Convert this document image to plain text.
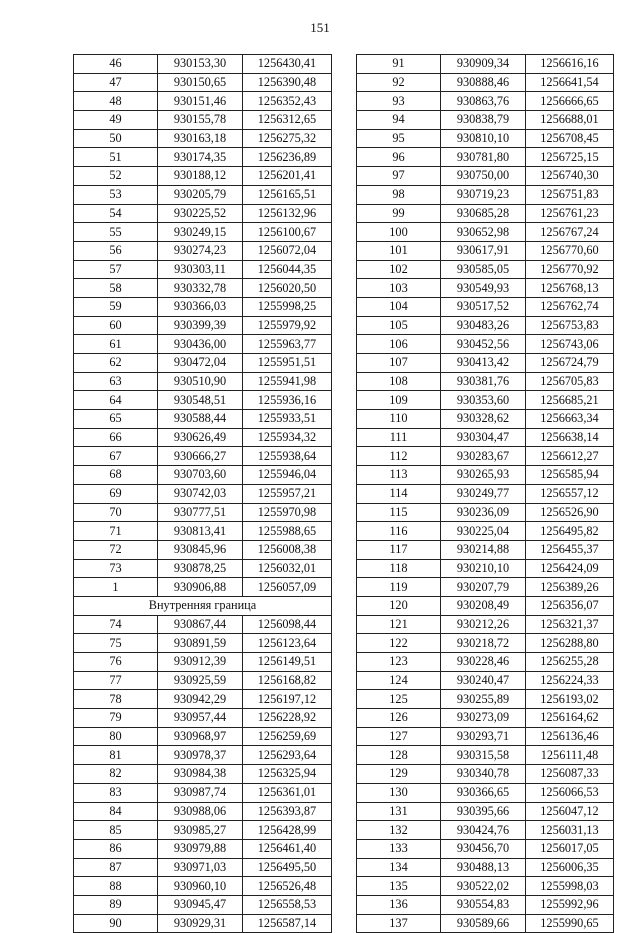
151
46	930153,30	1256430,41
47	930150,65	1256390,48
48	930151,46	1256352,43
49	930155,78	1256312,65
50	930163,18	1256275,32
51	930174,35	1256236,89
52	930188,12	1256201,41
53	930205,79	1256165,51
54	930225,52	1256132,96
55	930249,15	1256100,67
56	930274,23	1256072,04
57	930303,11	1256044,35
58	930332,78	1256020,50
59	930366,03	1255998,25
60	930399,39	1255979,92
61	930436,00	1255963,77
62	930472,04	1255951,51
63	930510,90	1255941,98
64	930548,51	1255936,16
65	930588,44	1255933,51
66	930626,49	1255934,32
67	930666,27	1255938,64
68	930703,60	1255946,04
69	930742,03	1255957,21
70	930777,51	1255970,98
71	930813,41	1255988,65
72	930845,96	1256008,38
73	930878,25	1256032,01
1	930906,88	1256057,09
Внутренняя граница		
74	930867,44	1256098,44
75	930891,59	1256123,64
76	930912,39	1256149,51
77	930925,59	1256168,82
78	930942,29	1256197,12
79	930957,44	1256228,92
80	930968,97	1256259,69
81	930978,37	1256293,64
82	930984,38	1256325,94
83	930987,74	1256361,01
84	930988,06	1256393,87
85	930985,27	1256428,99
86	930979,88	1256461,40
87	930971,03	1256495,50
88	930960,10	1256526,48
89	930945,47	1256558,53
90	930929,31	1256587,14
91	930909,34	1256616,16
92	930888,46	1256641,54
93	930863,76	1256666,65
94	930838,79	1256688,01
95	930810,10	1256708,45
96	930781,80	1256725,15
97	930750,00	1256740,30
98	930719,23	1256751,83
99	930685,28	1256761,23
100	930652,98	1256767,24
101	930617,91	1256770,60
102	930585,05	1256770,92
103	930549,93	1256768,13
104	930517,52	1256762,74
105	930483,26	1256753,83
106	930452,56	1256743,06
107	930413,42	1256724,79
108	930381,76	1256705,83
109	930353,60	1256685,21
110	930328,62	1256663,34
111	930304,47	1256638,14
112	930283,67	1256612,27
113	930265,93	1256585,94
114	930249,77	1256557,12
115	930236,09	1256526,90
116	930225,04	1256495,82
117	930214,88	1256455,37
118	930210,10	1256424,09
119	930207,79	1256389,26
120	930208,49	1256356,07
121	930212,26	1256321,37
122	930218,72	1256288,80
123	930228,46	1256255,28
124	930240,47	1256224,33
125	930255,89	1256193,02
126	930273,09	1256164,62
127	930293,71	1256136,46
128	930315,58	1256111,48
129	930340,78	1256087,33
130	930366,65	1256066,53
131	930395,66	1256047,12
132	930424,76	1256031,13
133	930456,70	1256017,05
134	930488,13	1256006,35
135	930522,02	1255998,03
136	930554,83	1255992,96
137	930589,66	1255990,65
